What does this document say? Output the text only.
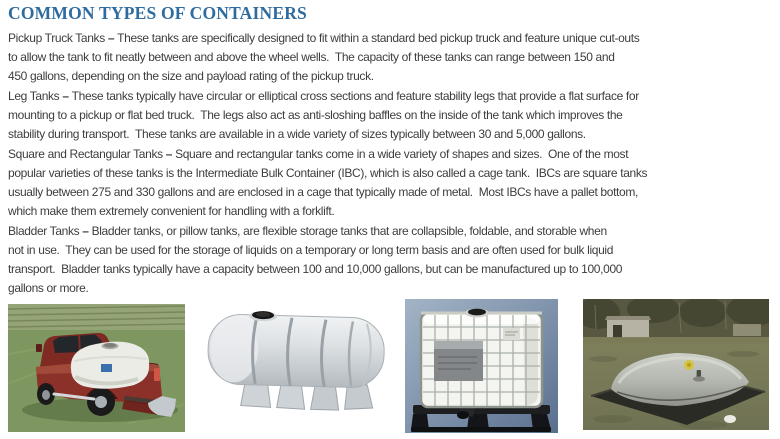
COMMON TYPES OF CONTAINERS
Pickup Truck Tanks – These tanks are specifically designed to fit within a standard bed pickup truck and feature unique cut-outs
to allow the tank to fit neatly between and above the wheel wells.  The capacity of these tanks can range between 150 and
450 gallons, depending on the size and payload rating of the pickup truck.
Leg Tanks – These tanks typically have circular or elliptical cross sections and feature stability legs that provide a flat surface for
mounting to a pickup or flat bed truck.  The legs also act as anti-sloshing baffles on the inside of the tank which improves the
stability during transport.  These tanks are available in a wide variety of sizes typically between 30 and 5,000 gallons.
Square and Rectangular Tanks – Square and rectangular tanks come in a wide variety of shapes and sizes.  One of the most
popular varieties of these tanks is the Intermediate Bulk Container (IBC), which is also called a cage tank.  IBCs are square tanks
usually between 275 and 330 gallons and are enclosed in a cage that typically made of metal.  Most IBCs have a pallet bottom,
which make them extremely convenient for handling with a forklift.
Bladder Tanks – Bladder tanks, or pillow tanks, are flexible storage tanks that are collapsible, foldable, and storable when
not in use.  They can be used for the storage of liquids on a temporary or long term basis and are often used for bulk liquid
transport.  Bladder tanks typically have a capacity between 100 and 10,000 gallons, but can be manufactured up to 100,000
gallons or more.
